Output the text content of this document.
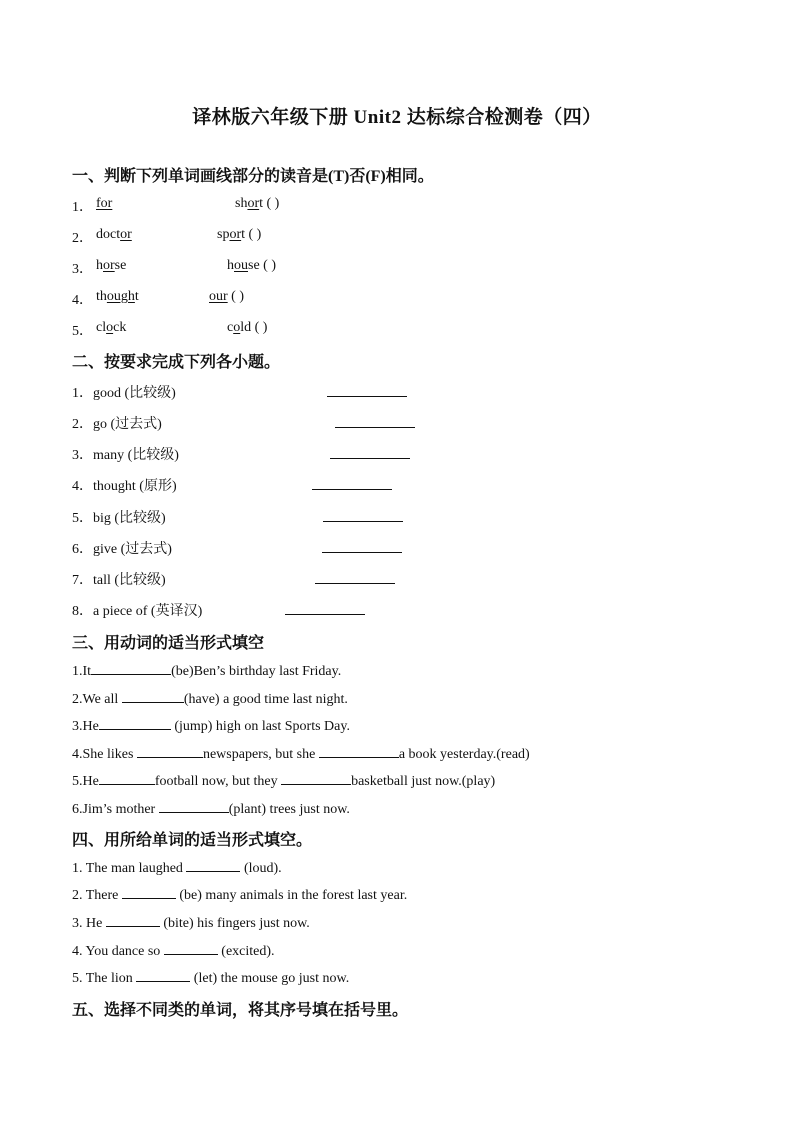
译林版六年级下册 Unit2 达标综合检测卷（四）
一、判断下列单词画线部分的读音是(T)否(F)相同。
1． for	short ( )
2． doctor	sport ( )
3． horse	house ( )
4． thought	our ( )
5． clock	cold ( )
二、按要求完成下列各小题。
1．good (比较级)
2．go (过去式)
3．many (比较级)
4．thought (原形)
5．big (比较级)
6．give (过去式)
7．tall (比较级)
8．a piece of (英译汉)
三、用动词的适当形式填空
1.It	(be)Ben’s birthday last Friday.
2.We all	(have) a good time last night.
3.He	(jump) high on last Sports Day.
4.She likes	newspapers, but she	a book yesterday.(read)
5.He	football now, but they	basketball just now.(play)
6.Jim’s mother	(plant) trees just now.
四、用所给单词的适当形式填空。
1. The man laughed	(loud).
2. There	(be) many animals in the forest last year.
3. He	(bite) his fingers just now.
4. You dance so	(excited).
5. The lion	(let) the mouse go just now.
五、选择不同类的单词，将其序号填在括号里。
